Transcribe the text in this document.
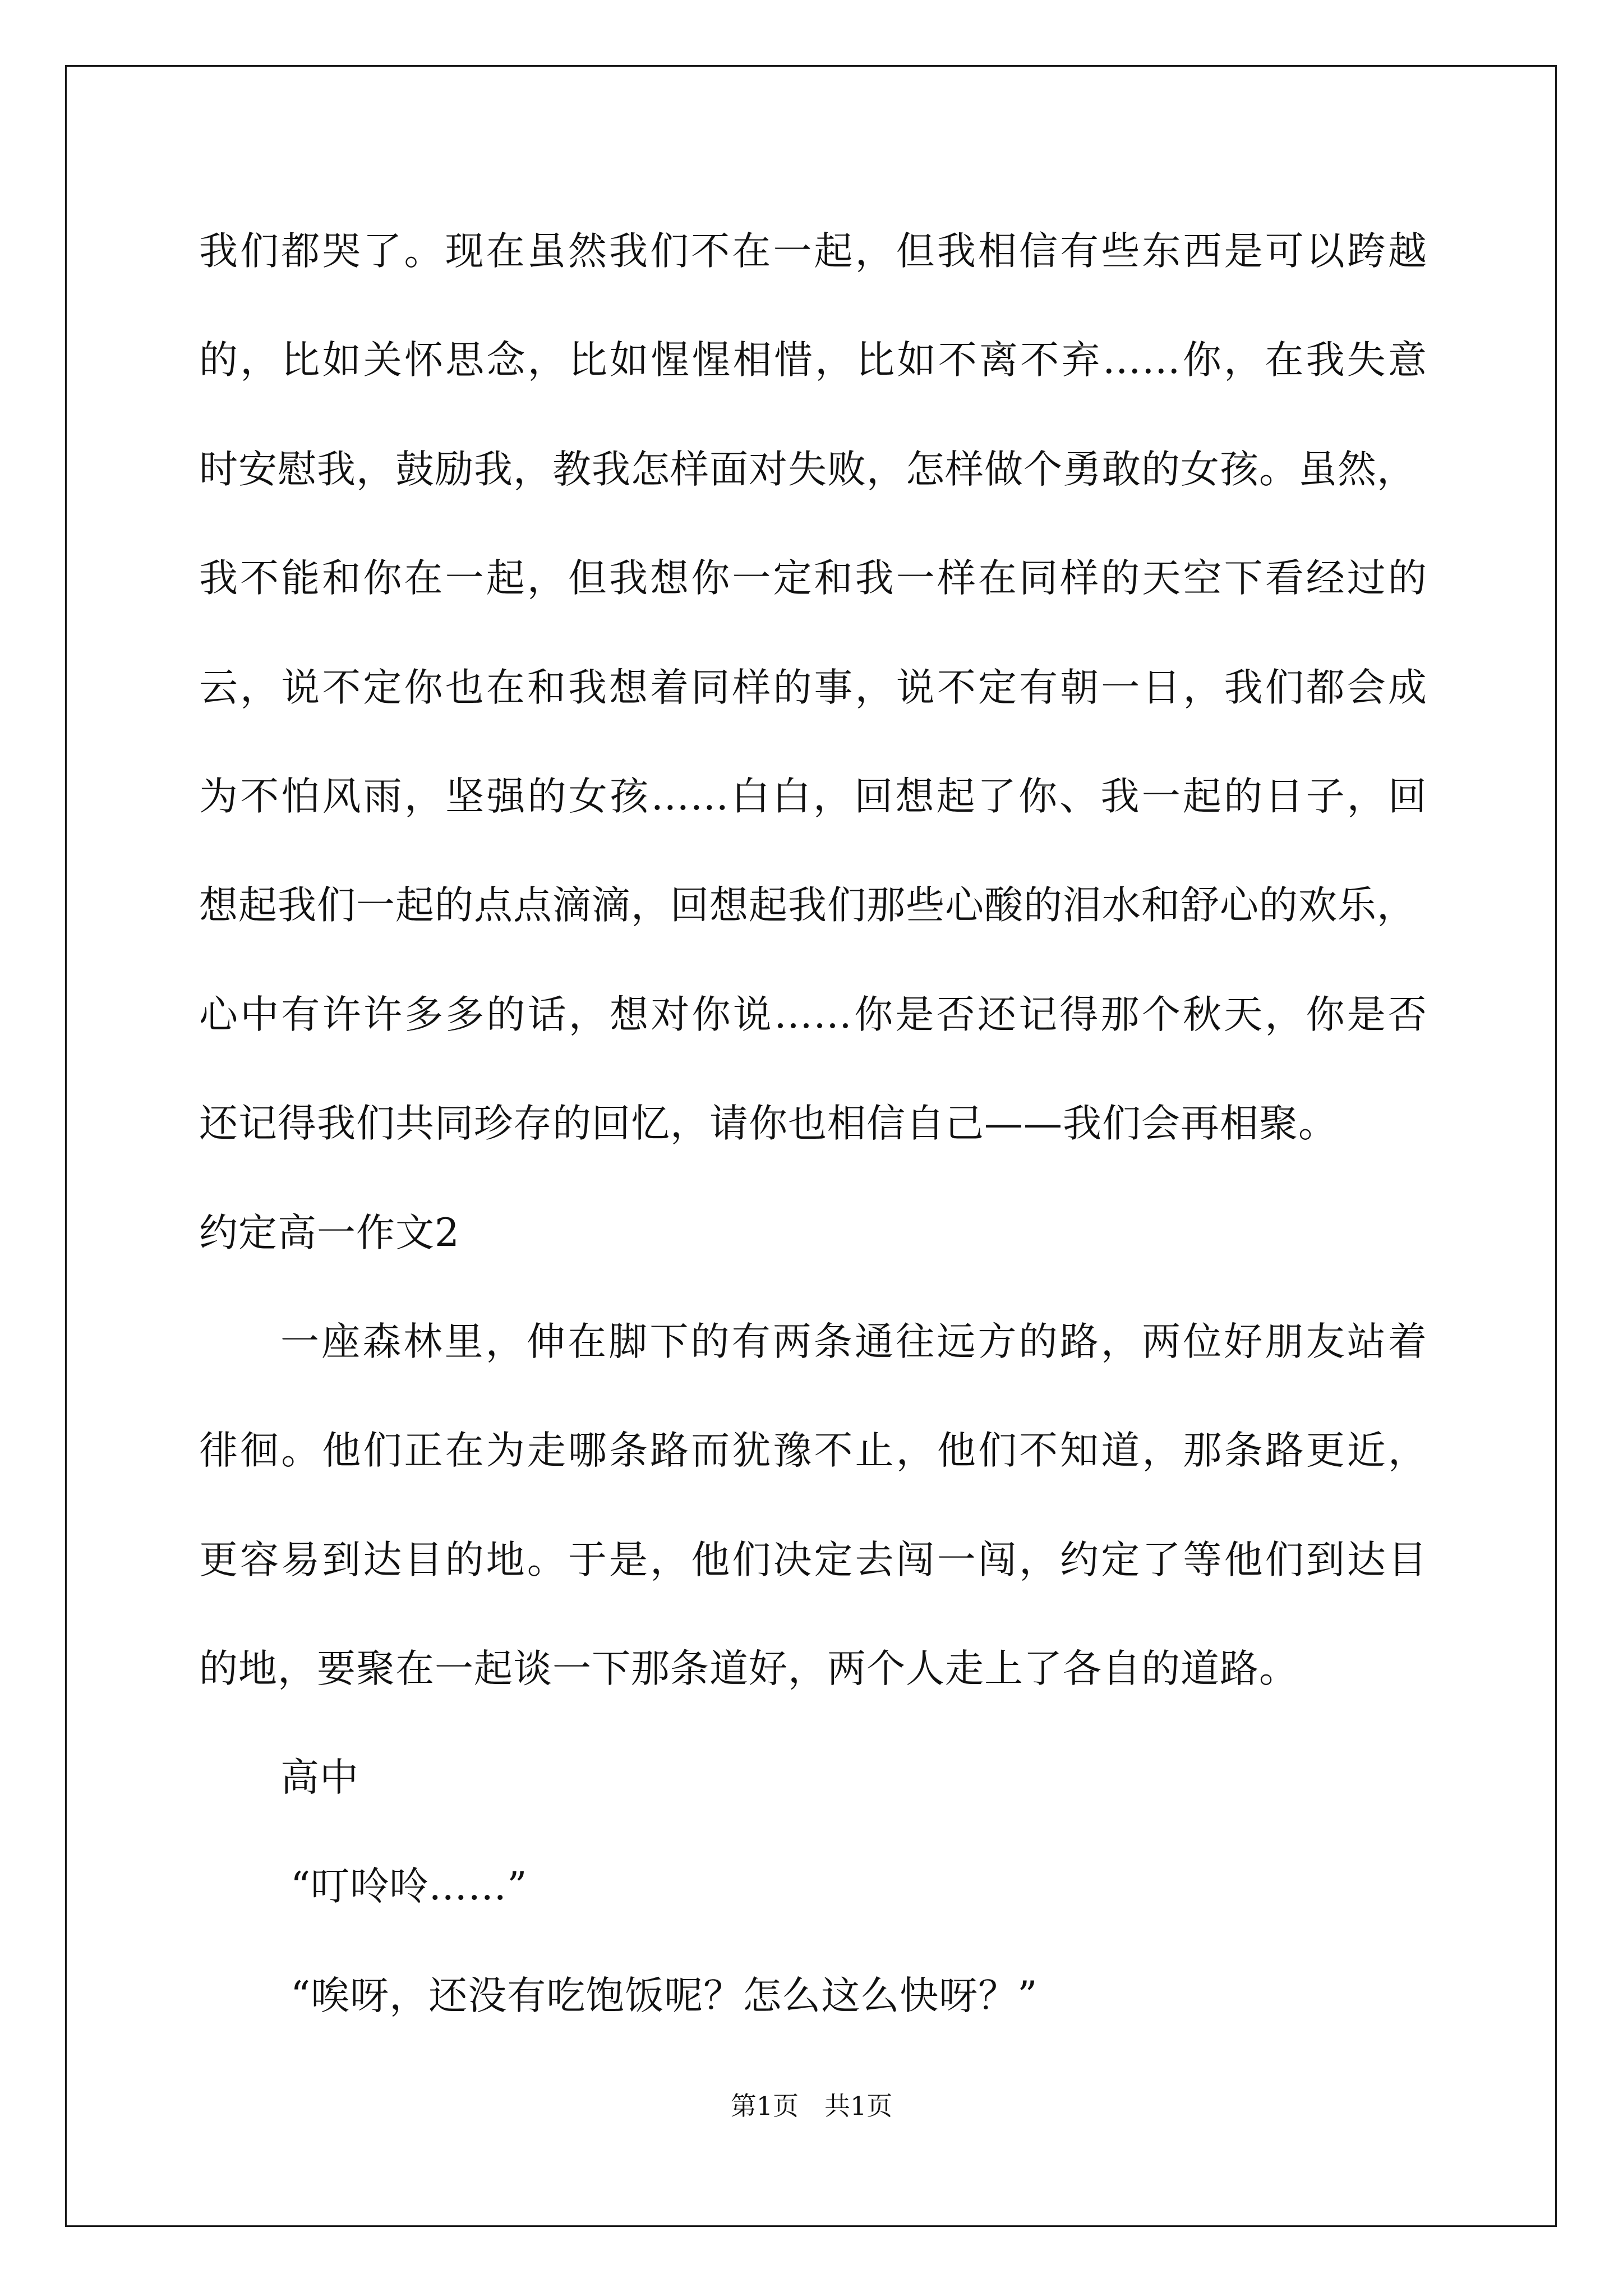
我们都哭了。现在虽然我们不在一起，但我相信有些东西是可以跨越
的，比如关怀思念，比如惺惺相惜，比如不离不弃……你，在我失意
时安慰我，鼓励我，教我怎样面对失败，怎样做个勇敢的女孩。虽然，
我不能和你在一起，但我想你一定和我一样在同样的天空下看经过的
云，说不定你也在和我想着同样的事，说不定有朝一日，我们都会成
为不怕风雨，坚强的女孩……白白，回想起了你、我一起的日子，回
想起我们一起的点点滴滴，回想起我们那些心酸的泪水和舒心的欢乐，
心中有许许多多的话，想对你说……你是否还记得那个秋天，你是否
还记得我们共同珍存的回忆，请你也相信自己——我们会再相聚。
约定高一作文2
一座森林里，伸在脚下的有两条通往远方的路，两位好朋友站着
徘徊。他们正在为走哪条路而犹豫不止，他们不知道，那条路更近，
更容易到达目的地。于是，他们决定去闯一闯，约定了等他们到达目
的地，要聚在一起谈一下那条道好，两个人走上了各自的道路。
高中
“叮呤呤……”
“唉呀，还没有吃饱饭呢？怎么这么快呀？”
第1页　共1页
